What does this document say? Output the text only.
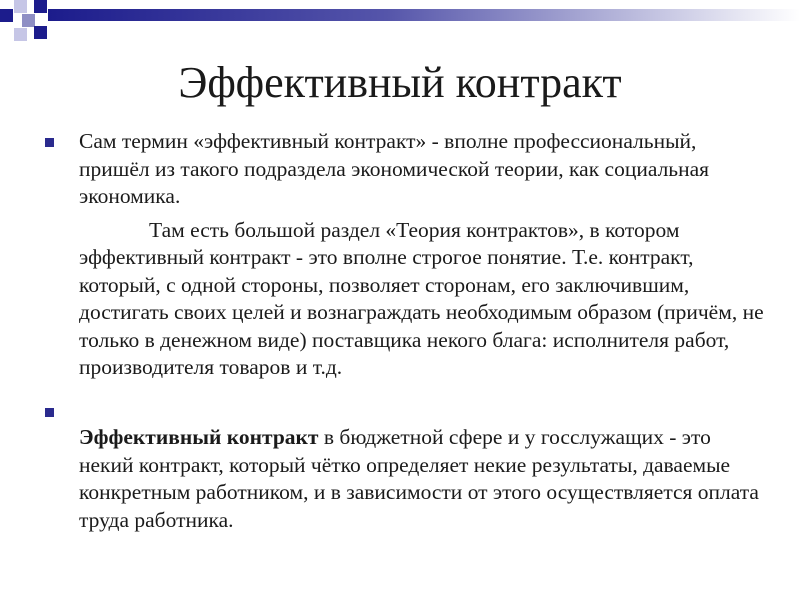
Эффективный контракт
Сам термин «эффективный контракт» - вполне профессиональный, пришёл из такого подраздела экономической теории, как социальная экономика.
Там есть большой раздел «Теория контрактов», в котором эффективный контракт - это вполне строгое понятие. Т.е. контракт, который, с одной стороны, позволяет сторонам, его заключившим, достигать своих целей и вознаграждать необходимым образом (причём, не только в денежном виде) поставщика некого блага: исполнителя работ, производителя товаров и т.д.
Эффективный контракт в бюджетной сфере и у госслужащих - это некий контракт, который чётко определяет некие результаты, даваемые конкретным работником, и в зависимости от этого осуществляется оплата труда работника.
